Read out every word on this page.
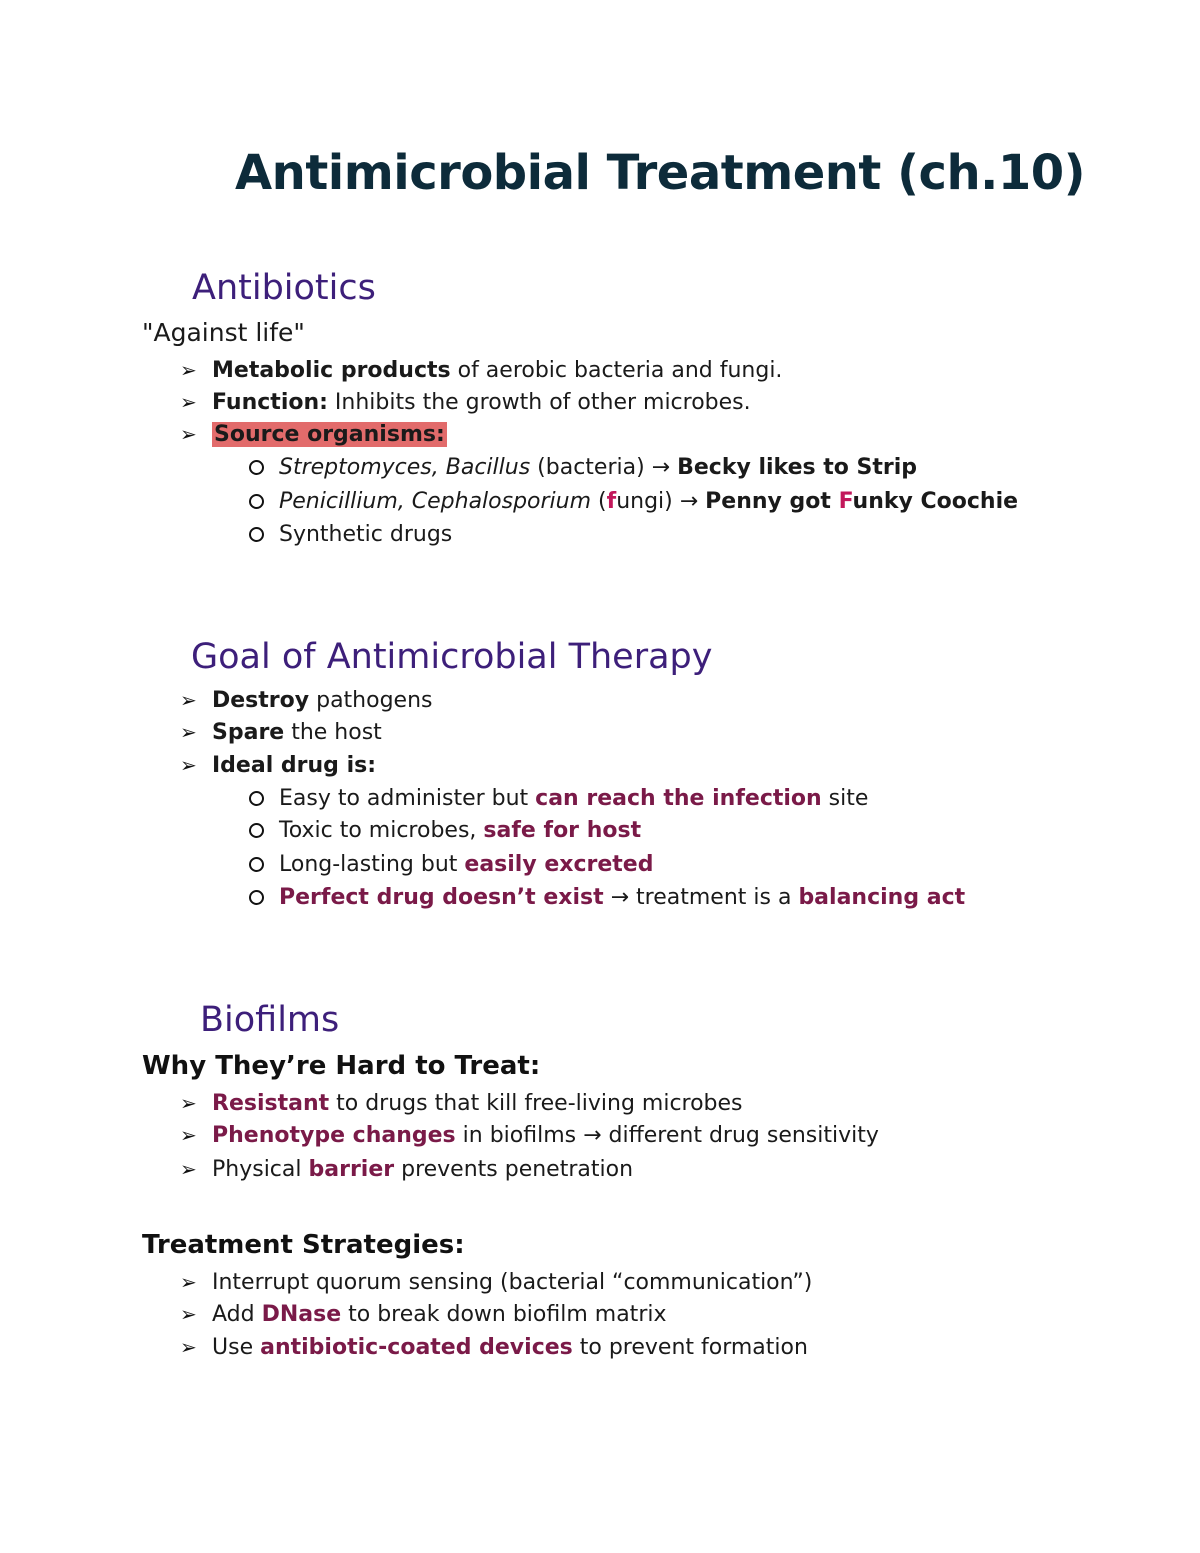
Antimicrobial Treatment (ch.10)
Antibiotics
"Against life"
➢ Metabolic products of aerobic bacteria and fungi.
➢ Function: Inhibits the growth of other microbes.
➢ Source organisms:
Streptomyces, Bacillus (bacteria) → Becky likes to Strip
Penicillium, Cephalosporium (fungi) → Penny got Funky Coochie
Synthetic drugs
Goal of Antimicrobial Therapy
➢ Destroy pathogens
➢ Spare the host
➢ Ideal drug is:
Easy to administer but can reach the infection site
Toxic to microbes, safe for host
Long-lasting but easily excreted
Perfect drug doesn’t exist → treatment is a balancing act
Biofilms
Why They’re Hard to Treat:
➢ Resistant to drugs that kill free-living microbes
➢ Phenotype changes in biofilms → different drug sensitivity
➢ Physical barrier prevents penetration
Treatment Strategies:
➢ Interrupt quorum sensing (bacterial “communication”)
➢ Add DNase to break down biofilm matrix
➢ Use antibiotic-coated devices to prevent formation
